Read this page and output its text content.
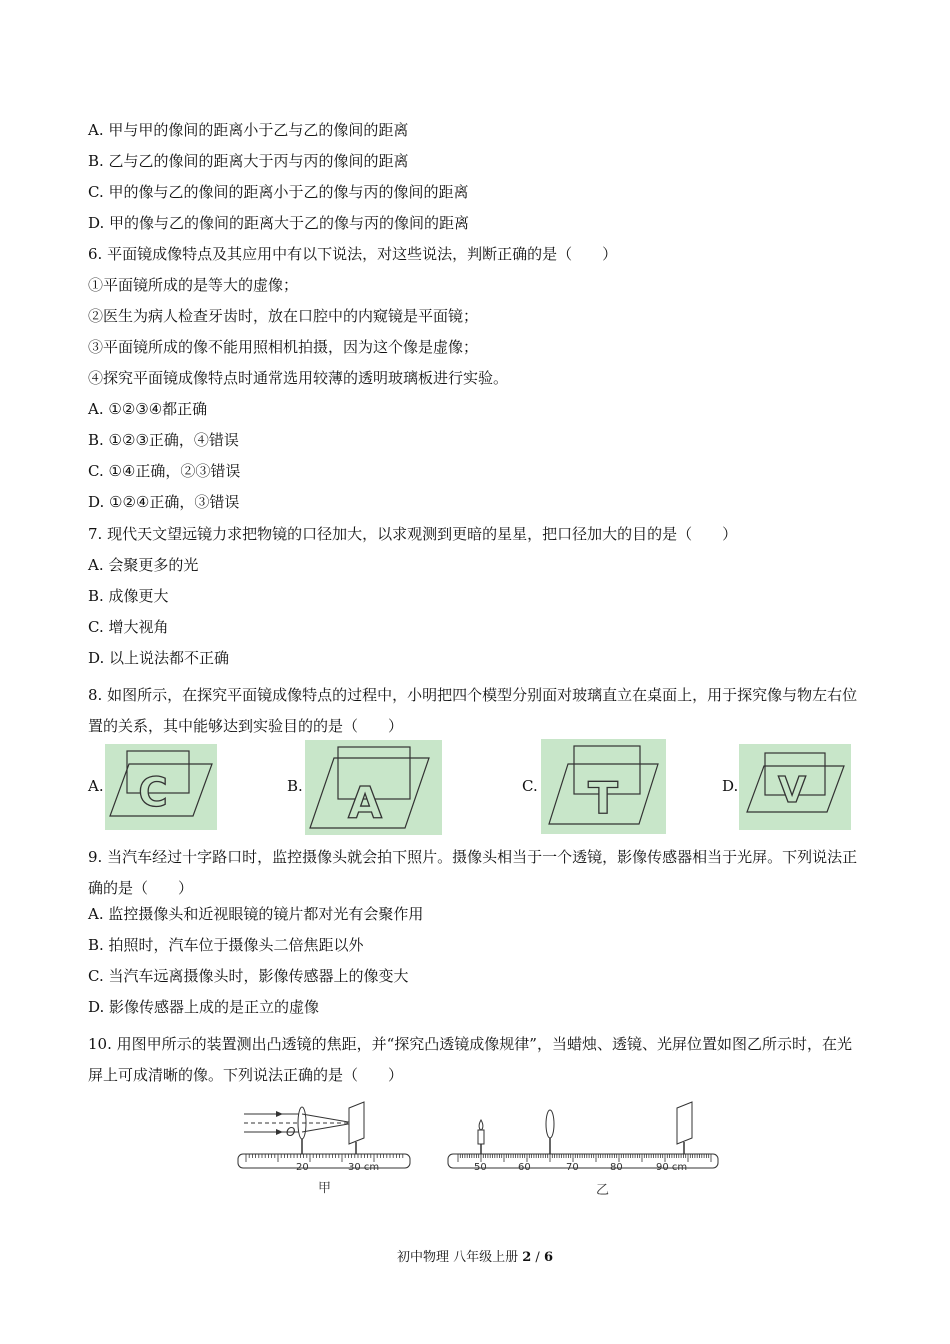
A. 甲与甲的像间的距离小于乙与乙的像间的距离
B. 乙与乙的像间的距离大于丙与丙的像间的距离
C. 甲的像与乙的像间的距离小于乙的像与丙的像间的距离
D. 甲的像与乙的像间的距离大于乙的像与丙的像间的距离
6. 平面镜成像特点及其应用中有以下说法，对这些说法，判断正确的是（　　）
①平面镜所成的是等大的虚像；
②医生为病人检查牙齿时，放在口腔中的内窥镜是平面镜；
③平面镜所成的像不能用照相机拍摄，因为这个像是虚像；
④探究平面镜成像特点时通常选用较薄的透明玻璃板进行实验。
A. ①②③④都正确
B. ①②③正确，④错误
C. ①④正确，②③错误
D. ①②④正确，③错误
7. 现代天文望远镜力求把物镜的口径加大，以求观测到更暗的星星，把口径加大的目的是（　　）
A. 会聚更多的光
B. 成像更大
C. 增大视角
D. 以上说法都不正确
8. 如图所示，在探究平面镜成像特点的过程中，小明把四个模型分别面对玻璃直立在桌面上，用于探究像与物左右位置的关系，其中能够达到实验目的的是（　　）
A. C	B. A	C. T	D. V
9. 当汽车经过十字路口时，监控摄像头就会拍下照片。摄像头相当于一个透镜，影像传感器相当于光屏。下列说法正确的是（　　）
A. 监控摄像头和近视眼镜的镜片都对光有会聚作用
B. 拍照时，汽车位于摄像头二倍焦距以外
C. 当汽车远离摄像头时，影像传感器上的像变大
D. 影像传感器上成的是正立的虚像
10. 用图甲所示的装置测出凸透镜的焦距，并“探究凸透镜成像规律”，当蜡烛、透镜、光屏位置如图乙所示时，在光屏上可成清晰的像。下列说法正确的是（　　）
O
20	30 cm
甲
50	60	70	80	90 cm
乙
初中物理 八年级上册 2 / 6
